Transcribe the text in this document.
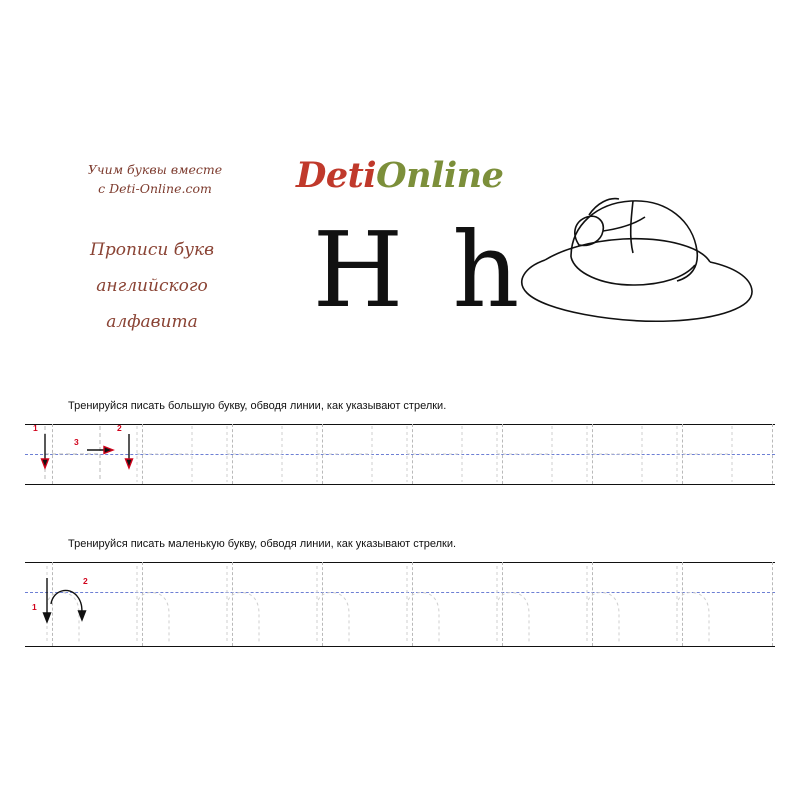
Учим буквы вместе
с Deti-Online.com
Прописи букв
английского
алфавита
DetiOnline
H h
Тренируйся писать большую букву, обводя линии, как указывают стрелки.
1
3
2
Тренируйся писать маленькую букву, обводя линии, как указывают стрелки.
1
2
